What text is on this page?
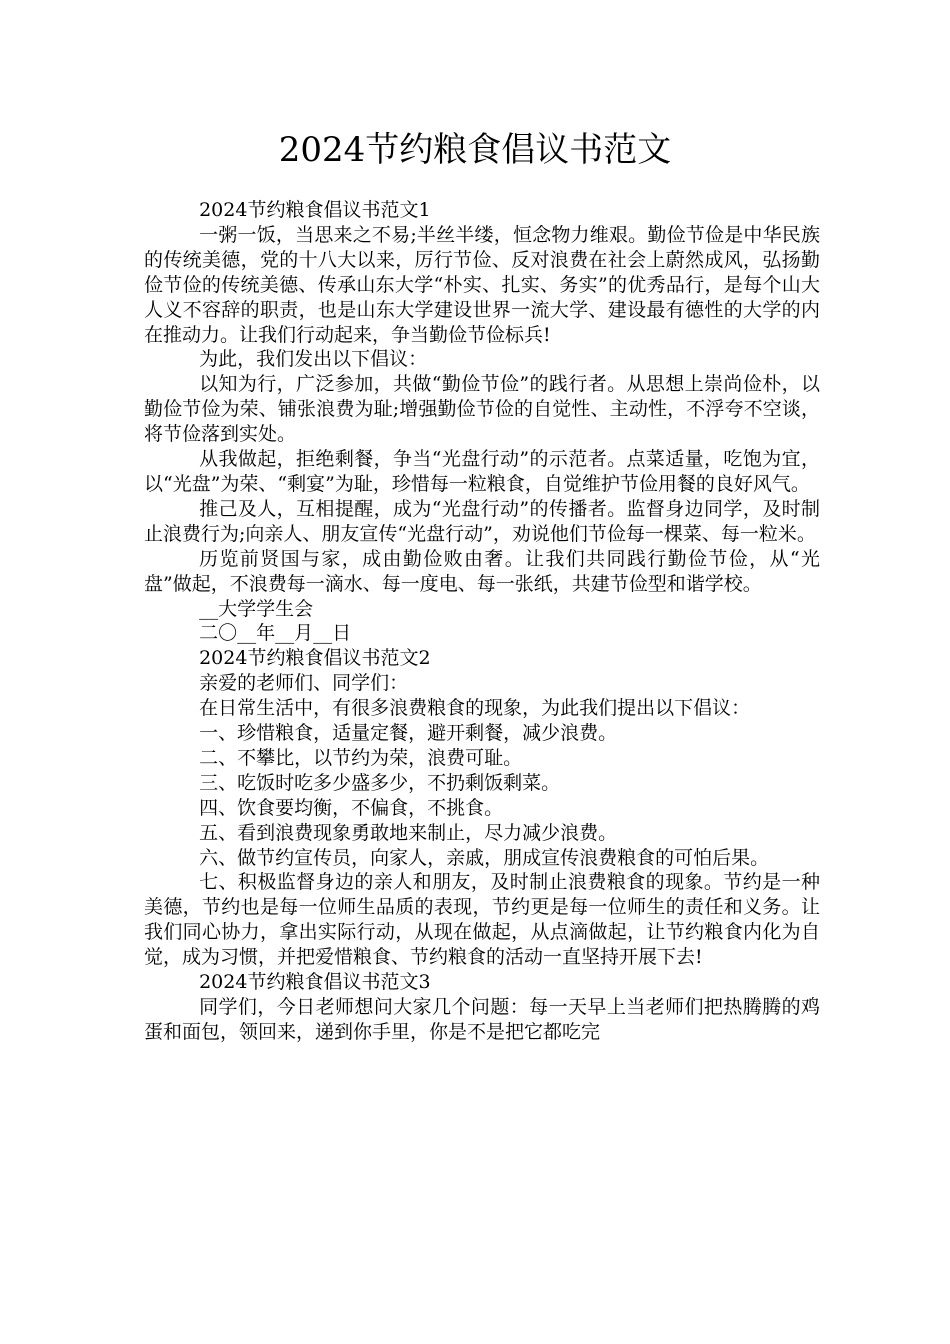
2024节约粮食倡议书范文

2024节约粮食倡议书范文1

一粥一饭，当思来之不易;半丝半缕，恒念物力维艰。勤俭节俭是中华民族的传统美德，党的十八大以来，厉行节俭、反对浪费在社会上蔚然成风，弘扬勤俭节俭的传统美德、传承山东大学“朴实、扎实、务实”的优秀品行，是每个山大人义不容辞的职责，也是山东大学建设世界一流大学、建设最有德性的大学的内在推动力。让我们行动起来，争当勤俭节俭标兵!

为此，我们发出以下倡议：

以知为行，广泛参加，共做“勤俭节俭”的践行者。从思想上崇尚俭朴，以勤俭节俭为荣、铺张浪费为耻;增强勤俭节俭的自觉性、主动性，不浮夸不空谈，将节俭落到实处。

从我做起，拒绝剩餐，争当“光盘行动”的示范者。点菜适量，吃饱为宜，以“光盘”为荣、“剩宴”为耻，珍惜每一粒粮食，自觉维护节俭用餐的良好风气。

推己及人，互相提醒，成为“光盘行动”的传播者。监督身边同学，及时制止浪费行为;向亲人、朋友宣传“光盘行动”，劝说他们节俭每一棵菜、每一粒米。

历览前贤国与家，成由勤俭败由奢。让我们共同践行勤俭节俭，从“光盘”做起，不浪费每一滴水、每一度电、每一张纸，共建节俭型和谐学校。

__大学学生会

二〇__年__月__日

2024节约粮食倡议书范文2

亲爱的老师们、同学们：

在日常生活中，有很多浪费粮食的现象，为此我们提出以下倡议：

一、珍惜粮食，适量定餐，避开剩餐，减少浪费。

二、不攀比，以节约为荣，浪费可耻。

三、吃饭时吃多少盛多少，不扔剩饭剩菜。

四、饮食要均衡，不偏食，不挑食。

五、看到浪费现象勇敢地来制止，尽力减少浪费。

六、做节约宣传员，向家人，亲戚，朋成宣传浪费粮食的可怕后果。

七、积极监督身边的亲人和朋友，及时制止浪费粮食的现象。节约是一种美德，节约也是每一位师生品质的表现，节约更是每一位师生的责任和义务。让我们同心协力，拿出实际行动，从现在做起，从点滴做起，让节约粮食内化为自觉，成为习惯，并把爱惜粮食、节约粮食的活动一直坚持开展下去!

2024节约粮食倡议书范文3

同学们，今日老师想问大家几个问题：每一天早上当老师们把热腾腾的鸡蛋和面包，领回来，递到你手里，你是不是把它都吃完
